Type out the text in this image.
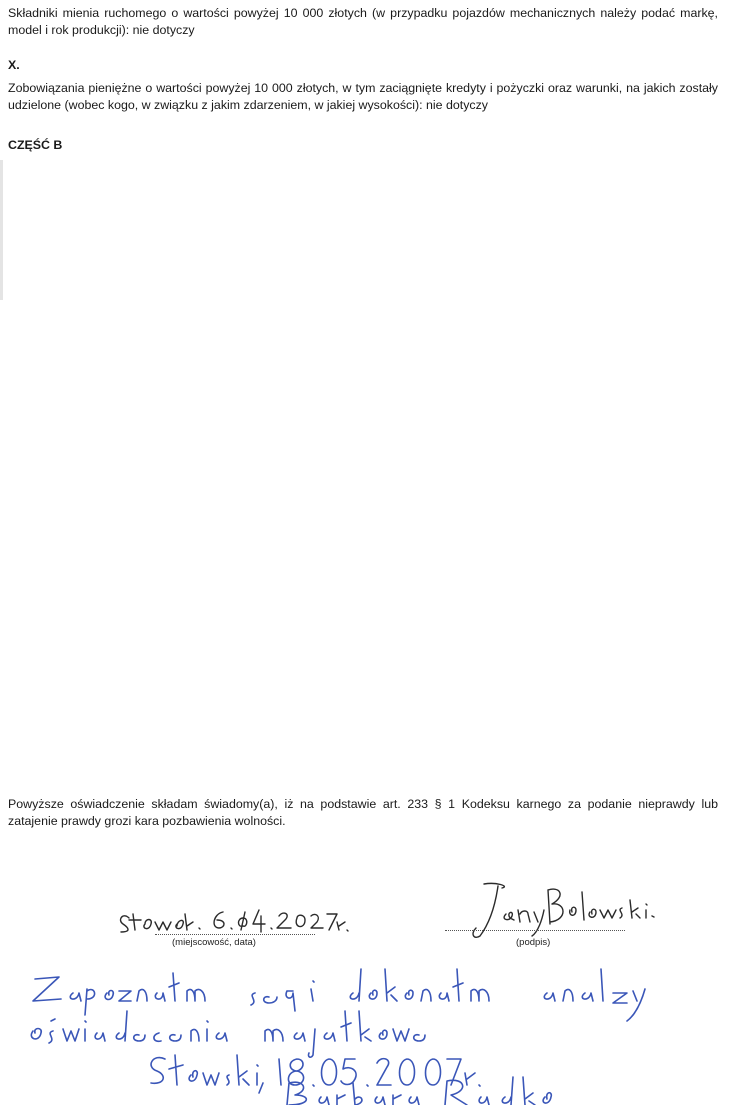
Składniki mienia ruchomego o wartości powyżej 10 000 złotych (w przypadku pojazdów mechanicznych należy podać markę, model i rok produkcji): nie dotyczy

X.

Zobowiązania pieniężne o wartości powyżej 10 000 złotych, w tym zaciągnięte kredyty i pożyczki oraz warunki, na jakich zostały udzielone (wobec kogo, w związku z jakim zdarzeniem, w jakiej wysokości): nie dotyczy

CZĘŚĆ B

Powyższe oświadczenie składam świadomy(a), iż na podstawie art. 233 § 1 Kodeksu karnego za podanie nieprawdy lub zatajenie prawdy grozi kara pozbawienia wolności.

(miejscowość, data)	(podpis)
